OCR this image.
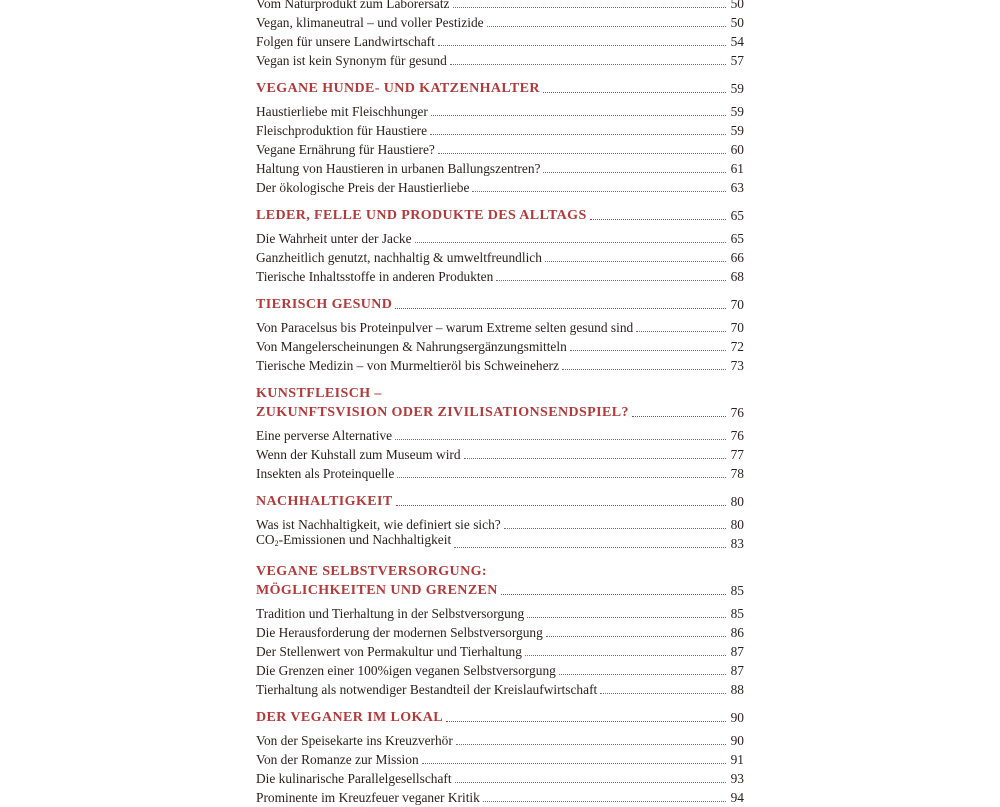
Vom Naturprodukt zum Laborersatz	50
Vegan, klimaneutral – und voller Pestizide	50
Folgen für unsere Landwirtschaft	54
Vegan ist kein Synonym für gesund	57
VEGANE HUNDE- UND KATZENHALTER	59
Haustierliebe mit Fleischhunger	59
Fleischproduktion für Haustiere	59
Vegane Ernährung für Haustiere?	60
Haltung von Haustieren in urbanen Ballungszentren?	61
Der ökologische Preis der Haustierliebe	63
LEDER, FELLE UND PRODUKTE DES ALLTAGS	65
Die Wahrheit unter der Jacke	65
Ganzheitlich genutzt, nachhaltig & umweltfreundlich	66
Tierische Inhaltsstoffe in anderen Produkten	68
TIERISCH GESUND	70
Von Paracelsus bis Proteinpulver – warum Extreme selten gesund sind	70
Von Mangelerscheinungen & Nahrungsergänzungsmitteln	72
Tierische Medizin – von Murmeltieröl bis Schweineherz	73
KUNSTFLEISCH –
ZUKUNFTSVISION ODER ZIVILISATIONSENDSPIEL?	76
Eine perverse Alternative	76
Wenn der Kuhstall zum Museum wird	77
Insekten als Proteinquelle	78
NACHHALTIGKEIT	80
Was ist Nachhaltigkeit, wie definiert sie sich?	80
$CO_2$-Emissionen und Nachhaltigkeit	83
VEGANE SELBSTVERSORGUNG:
MÖGLICHKEITEN UND GRENZEN	85
Tradition und Tierhaltung in der Selbstversorgung	85
Die Herausforderung der modernen Selbstversorgung	86
Der Stellenwert von Permakultur und Tierhaltung	87
Die Grenzen einer 100%igen veganen Selbstversorgung	87
Tierhaltung als notwendiger Bestandteil der Kreislaufwirtschaft	88
DER VEGANER IM LOKAL	90
Von der Speisekarte ins Kreuzverhör	90
Von der Romanze zur Mission	91
Die kulinarische Parallelgesellschaft	93
Prominente im Kreuzfeuer veganer Kritik	94
